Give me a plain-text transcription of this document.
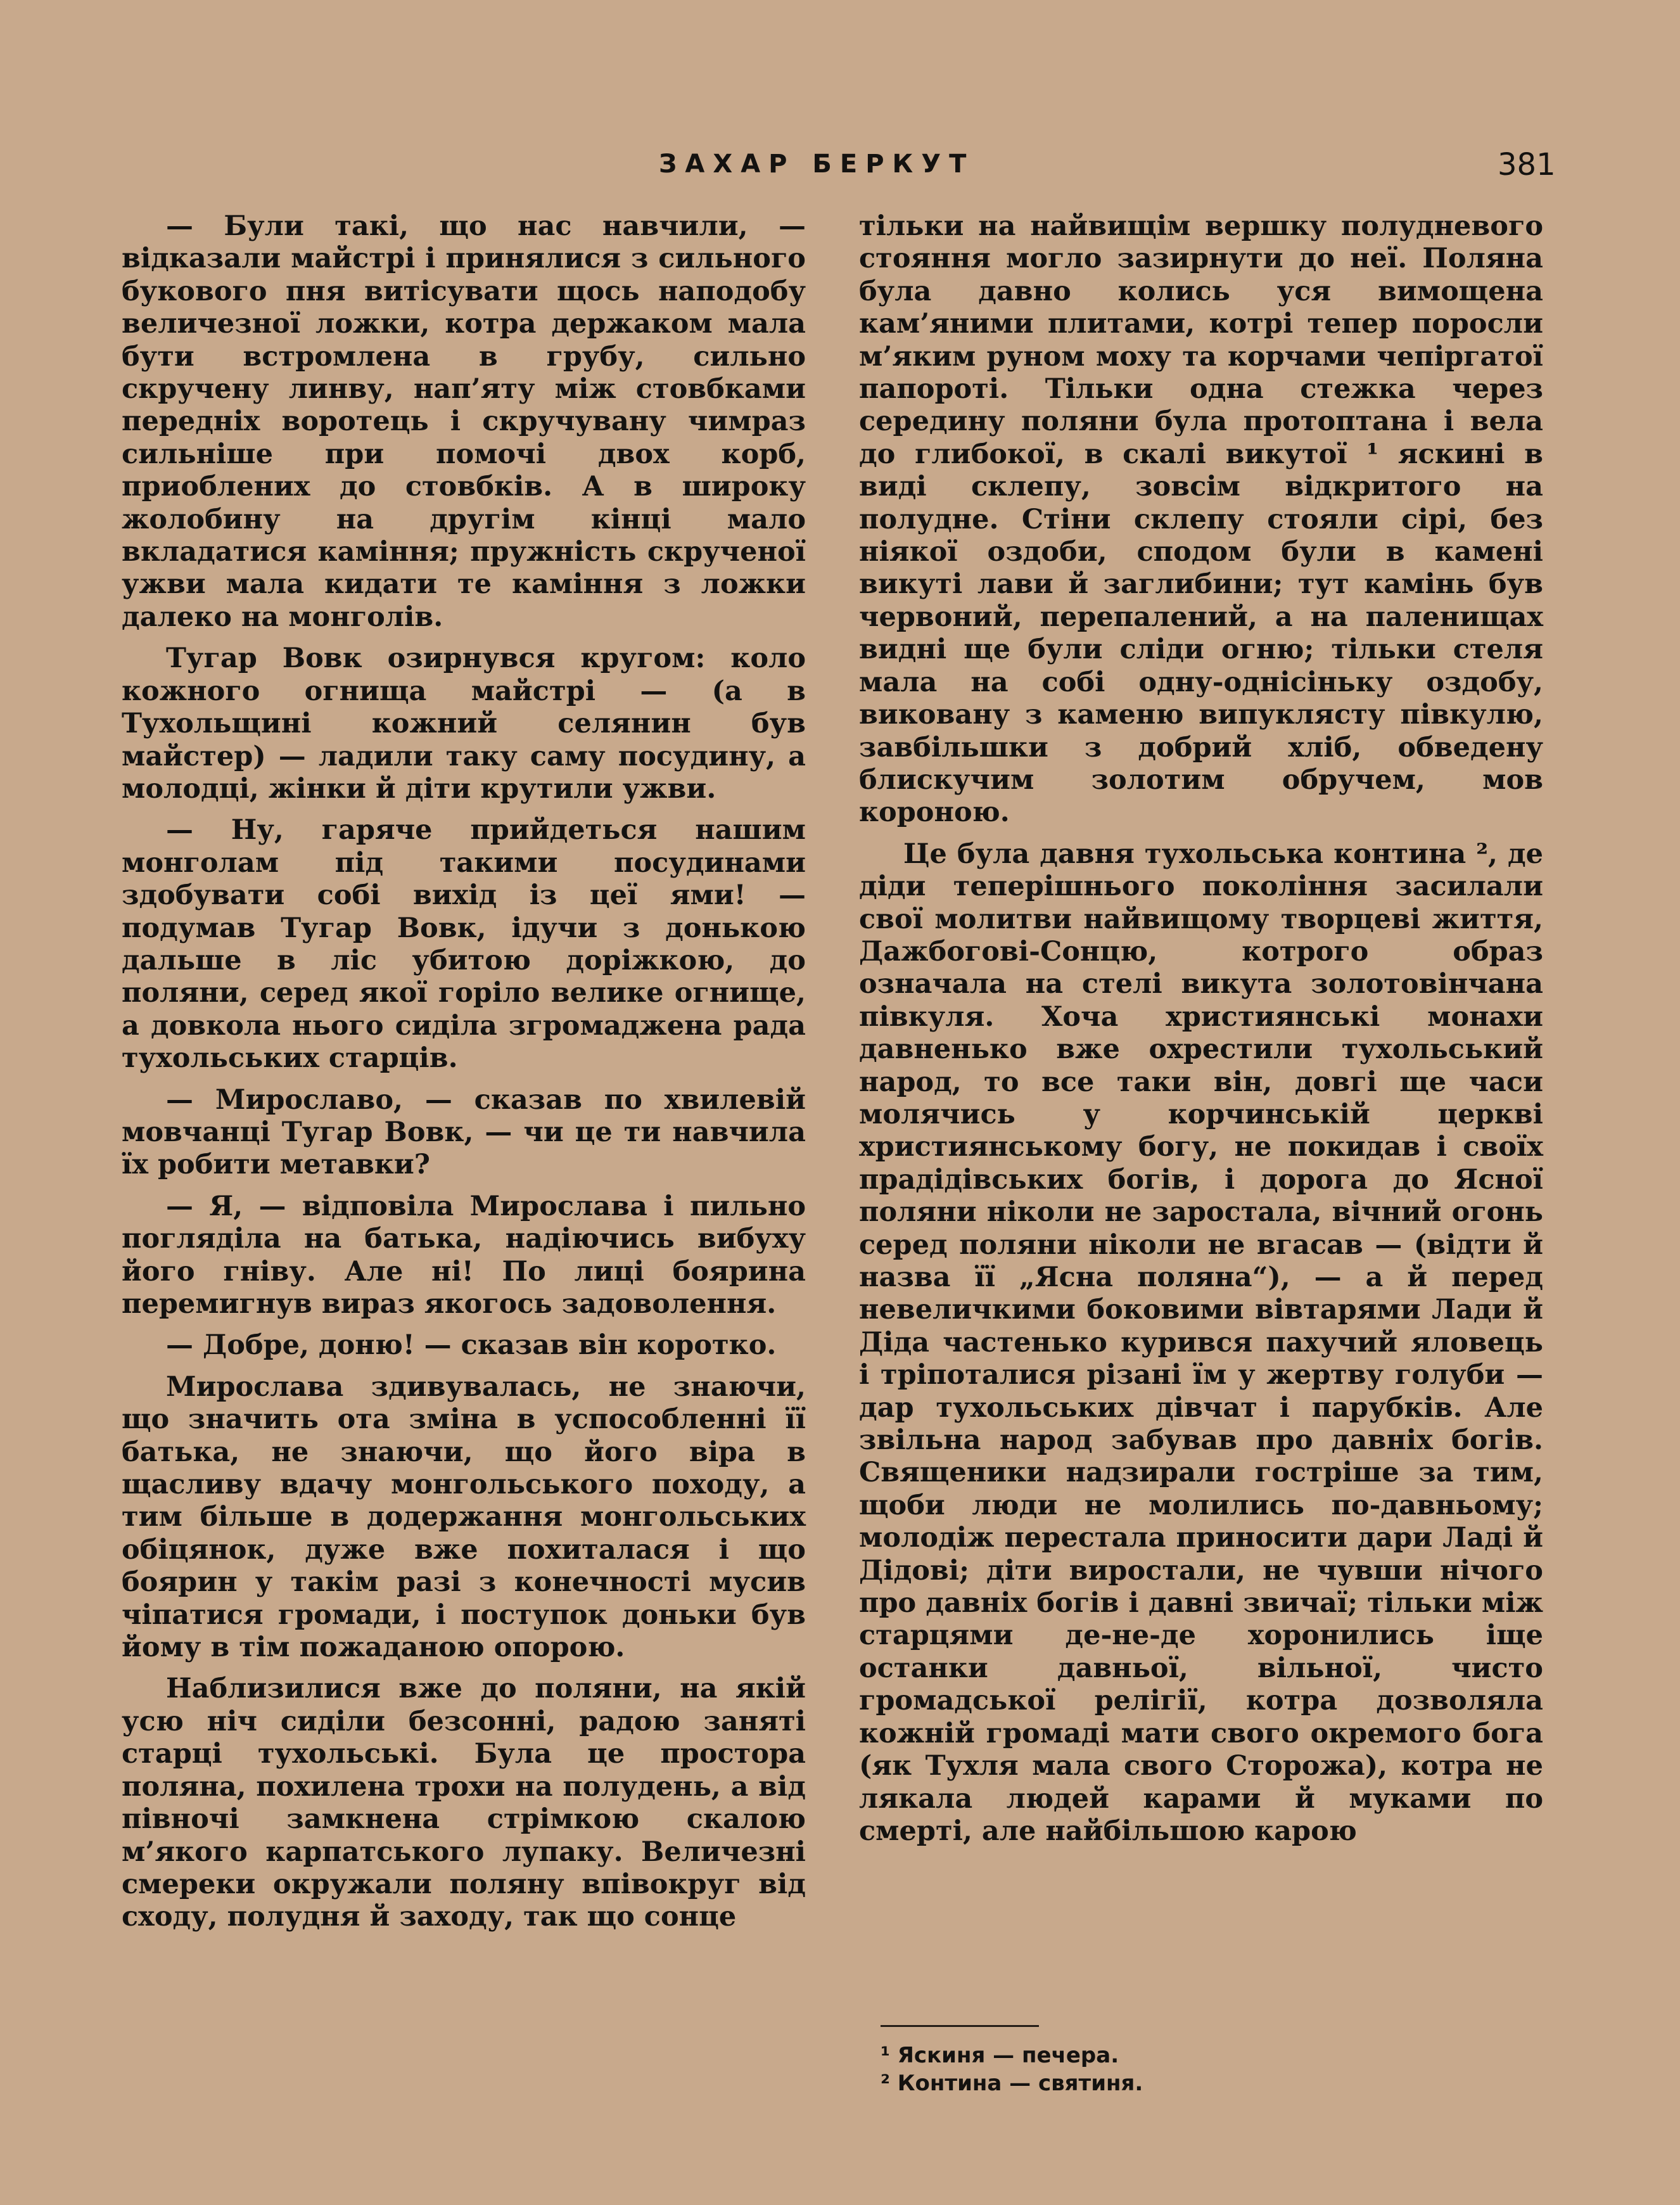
ЗАХАР БЕРКУТ	381

— Були такі, що нас навчили, — відказали майстрі і принялися з сильного букового пня витісувати щось наподобу величезної ложки, котра держаком мала бути встромлена в грубу, сильно скручену линву, нап’яту між стовбками передніх воротець і скручувану чимраз сильніше при помочі двох корб, приоблених до стовбків. А в широку жолобину на другім кінці мало вкладатися каміння; пружність скрученої ужви мала кидати те каміння з ложки далеко на монголів.

Тугар Вовк озирнувся кругом: коло кожного огнища майстрі — (а в Тухольщині кожний селянин був майстер) — ладили таку саму посудину, а молодці, жінки й діти крутили ужви.

— Ну, гаряче прийдеться нашим монголам під такими посудинами здобувати собі вихід із цеї ями! — подумав Тугар Вовк, ідучи з донькою дальше в ліс убитою доріжкою, до поляни, серед якої горіло велике огнище, а довкола нього сиділа згромаджена рада тухольських старців.

— Мирославо, — сказав по хвилевій мовчанці Тугар Вовк, — чи це ти навчила їх робити метавки?

— Я, — відповіла Мирослава і пильно погляділа на батька, надіючись вибуху його гніву. Але ні! По лиці боярина перемигнув вираз якогось задоволення.

— Добре, доню! — сказав він коротко.

Мирослава здивувалась, не знаючи, що значить ота зміна в успособленні її батька, не знаючи, що його віра в щасливу вдачу монгольського походу, а тим більше в додержання монгольських обіцянок, дуже вже похиталася і що боярин у такім разі з конечності мусив чіпатися громади, і поступок доньки був йому в тім пожаданою опорою.

Наблизилися вже до поляни, на якій усю ніч сиділи безсонні, радою заняті старці тухольські. Була це простора поляна, похилена трохи на полудень, а від півночі замкнена стрімкою скалою м’якого карпатського лупаку. Величезні смереки окружали поляну впівокруг від сходу, полудня й заходу, так що сонце

тільки на найвищім вершку полудневого стояння могло зазирнути до неї. Поляна була давно колись уся вимощена кам’яними плитами, котрі тепер поросли м’яким руном моху та корчами чепіргатої папороті. Тільки одна стежка через середину поляни була протоптана і вела до глибокої, в скалі викутої ¹ яскині в виді склепу, зовсім відкритого на полудне. Стіни склепу стояли сірі, без ніякої оздоби, сподом були в камені викуті лави й заглибини; тут камінь був червоний, перепалений, а на паленищах видні ще були сліди огню; тільки стеля мала на собі одну-однісіньку оздобу, виковану з каменю випуклясту півкулю, завбільшки з добрий хліб, обведену блискучим золотим обручем, мов короною.

Це була давня тухольська контина ², де діди теперішнього покоління засилали свої молитви найвищому творцеві життя, Дажбогові-Сонцю, котрого образ означала на стелі викута золотовінчана півкуля. Хоча християнські монахи давненько вже охрестили тухольський народ, то все таки він, довгі ще часи молячись у корчинській церкві християнському богу, не покидав і своїх прадідівських богів, і дорога до Ясної поляни ніколи не заростала, вічний огонь серед поляни ніколи не вгасав — (відти й назва її „Ясна поляна“), — а й перед невеличкими боковими вівтарями Лади й Діда частенько курився пахучий яловець і тріпоталися різані їм у жертву голуби — дар тухольських дівчат і парубків. Але звільна народ забував про давніх богів. Священики надзирали гостріше за тим, щоби люди не молились по-давньому; молодіж перестала приносити дари Ладі й Дідові; діти виростали, не чувши нічого про давніх богів і давні звичаї; тільки між старцями де-не-де хоронились іще останки давньої, вільної, чисто громадської релігії, котра дозволяла кожній громаді мати свого окремого бога (як Тухля мала свого Сторожа), котра не лякала людей карами й муками по смерті, але найбільшою карою

¹ Яскиня — печера.
² Контина — святиня.
